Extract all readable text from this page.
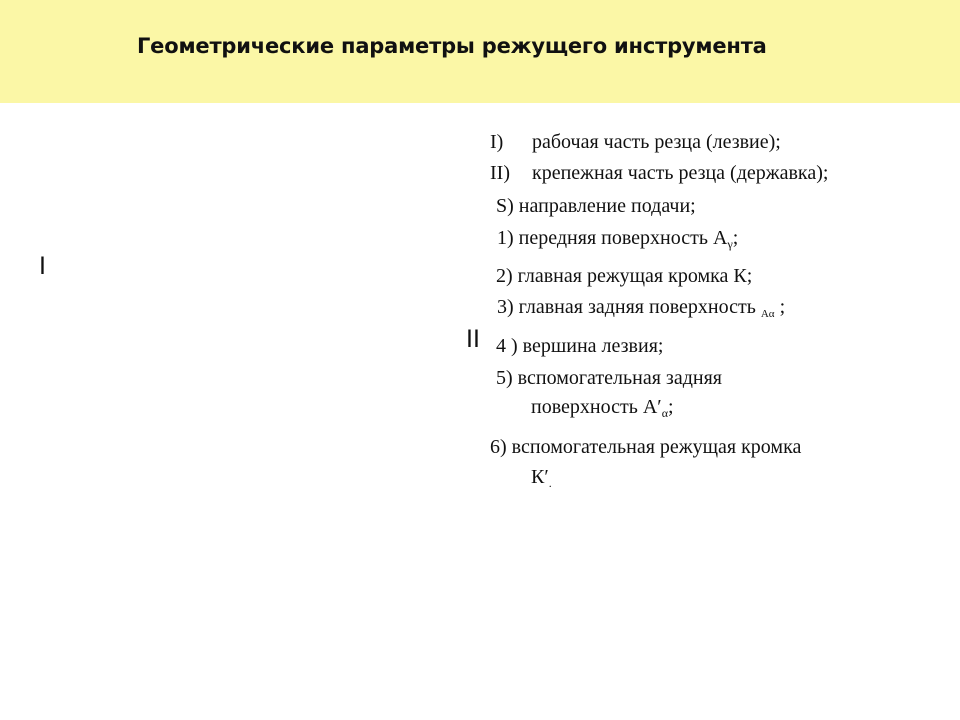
Геометрические параметры режущего инструмента
I
II
I) рабочая часть резца (лезвие);
II) крепежная часть резца (державка);
S) направление подачи;
1) передняя поверхность $A_\gamma$;
2) главная режущая кромка К;
3) главная задняя поверхность $_{A\alpha}$ ;
4 ) вершина лезвия;
5) вспомогательная задняя
поверхность $A'_\alpha$;
6) вспомогательная режущая кромка
$К'_.$
